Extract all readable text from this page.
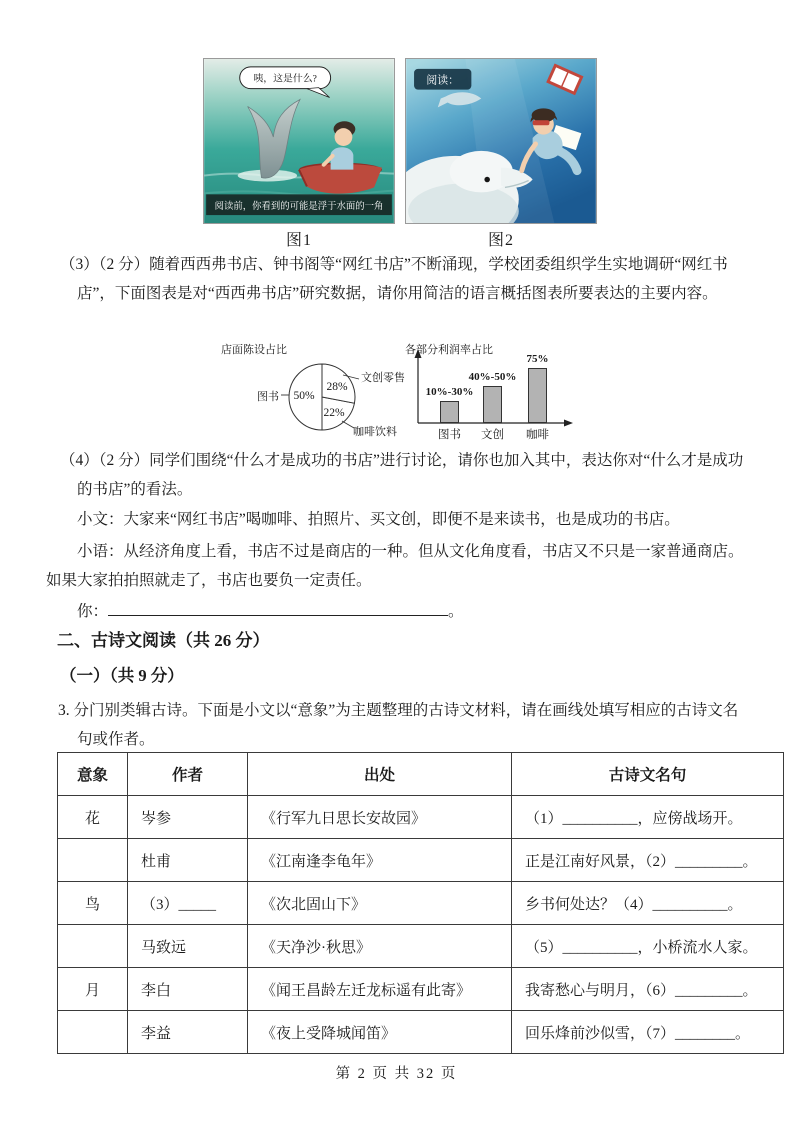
咦，这是什么?
阅读前，你看到的可能是浮于水面的一角
图1
阅读：
图2
（3）（2 分）随着西西弗书店、钟书阁等“网红书店”不断涌现，学校团委组织学生实地调研“网红书店”，下面图表是对“西西弗书店”研究数据，请你用简洁的语言概括图表所要表达的主要内容。
店面陈设占比
50%
28%
22%
图书
文创零售
咖啡饮料
各部分利润率占比
10%-30%
图书
40%-50%
文创
75%
咖啡
（4）（2 分）同学们围绕“什么才是成功的书店”进行讨论，请你也加入其中，表达你对“什么才是成功的书店”的看法。
小文：大家来“网红书店”喝咖啡、拍照片、买文创，即便不是来读书，也是成功的书店。
小语：从经济角度上看，书店不过是商店的一种。但从文化角度看，书店又不只是一家普通商店。如果大家拍拍照就走了，书店也要负一定责任。
你：	。
二、古诗文阅读（共 26 分）
（一）（共 9 分）
3. 分门别类辑古诗。下面是小文以“意象”为主题整理的古诗文材料，请在画线处填写相应的古诗文名句或作者。
意象	作者	出处	古诗文名句
花	岑参	《行军九日思长安故园》	（1）__________，应傍战场开。
	杜甫	《江南逢李龟年》	正是江南好风景，（2）_________。
鸟	（3）_____	《次北固山下》	乡书何处达？（4）__________。
	马致远	《天净沙·秋思》	（5）__________，小桥流水人家。
月	李白	《闻王昌龄左迁龙标遥有此寄》	我寄愁心与明月，（6）_________。
	李益	《夜上受降城闻笛》	回乐烽前沙似雪，（7）________。
第 2 页 共 32 页
